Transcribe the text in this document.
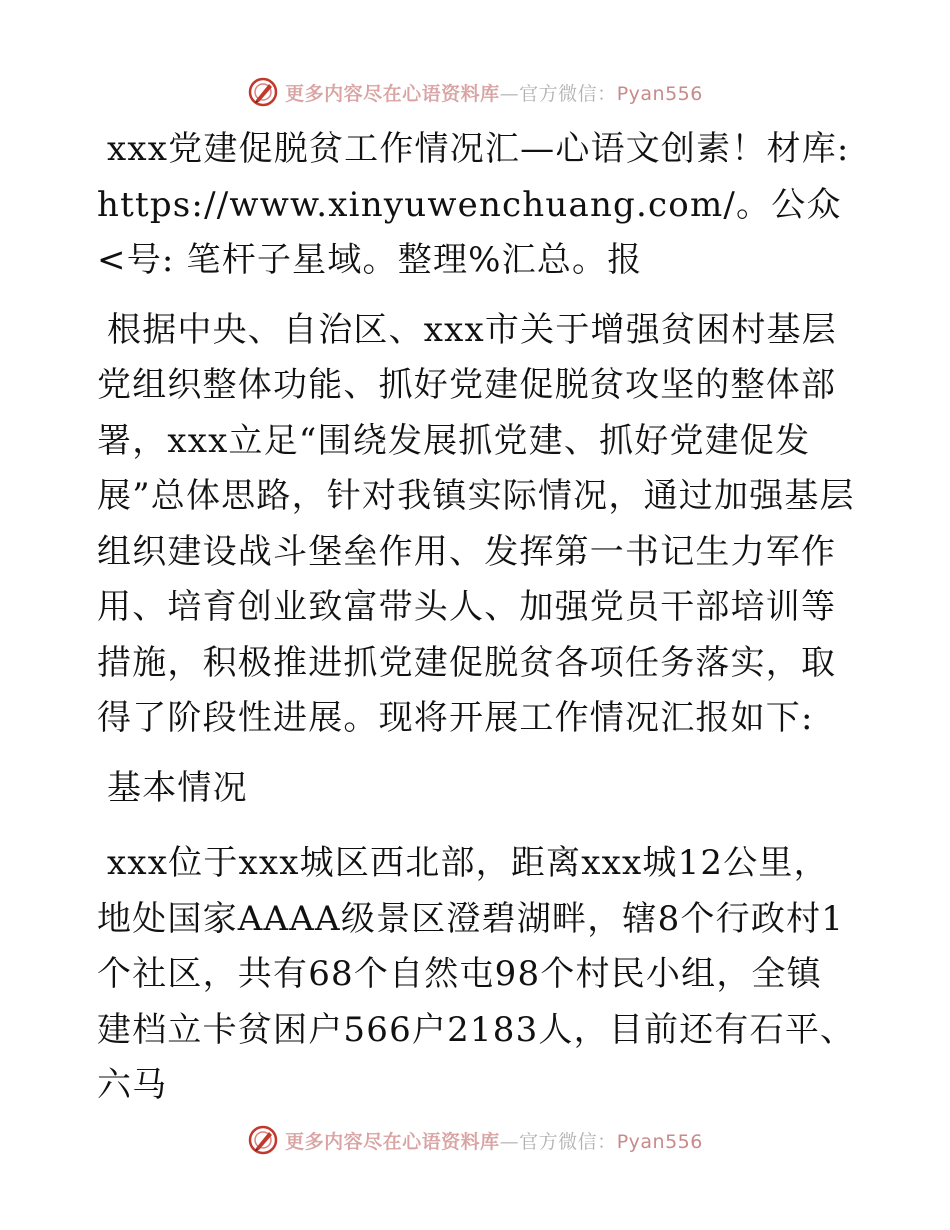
更多内容尽在心语资料库—官方微信：Pyan556

xxx党建促脱贫工作情况汇—心语文创素！材库: https://www.xinyuwenchuang.com/。公众<号: 笔杆子星域。整理%汇总。报

根据中央、自治区、xxx市关于增强贫困村基层党组织整体功能、抓好党建促脱贫攻坚的整体部署，xxx立足“围绕发展抓党建、抓好党建促发展”总体思路，针对我镇实际情况，通过加强基层组织建设战斗堡垒作用、发挥第一书记生力军作用、培育创业致富带头人、加强党员干部培训等措施，积极推进抓党建促脱贫各项任务落实，取得了阶段性进展。现将开展工作情况汇报如下:

基本情况

xxx位于xxx城区西北部，距离xxx城12公里，地处国家AAAA级景区澄碧湖畔，辖8个行政村1个社区，共有68个自然屯98个村民小组，全镇建档立卡贫困户566户2183人，目前还有石平、六马

更多内容尽在心语资料库—官方微信：Pyan556
